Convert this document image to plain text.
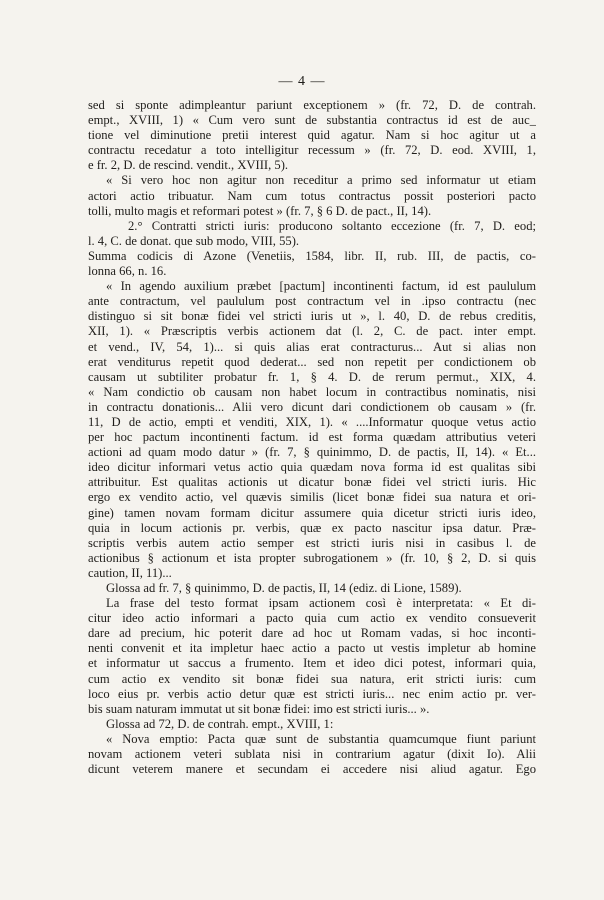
— 4 —
sed si sponte adimpleantur pariunt exceptionem » (fr. 72, D. de contrah.
empt., XVIII, 1) « Cum vero sunt de substantia contractus id est de auc_
tione vel diminutione pretii interest quid agatur. Nam si hoc agitur ut a
contractu recedatur a toto intelligitur recessum » (fr. 72, D. eod. XVIII, 1,
e fr. 2, D. de rescind. vendit., XVIII, 5).
« Si vero hoc non agitur non receditur a primo sed informatur ut etiam
actori actio tribuatur. Nam cum totus contractus possit posteriori pacto
tolli, multo magis et reformari potest » (fr. 7, § 6 D. de pact., II, 14).
2.° Contratti stricti iuris: producono soltanto eccezione (fr. 7, D. eod;
l. 4, C. de donat. que sub modo, VIII, 55).
Summa codicis di Azone (Venetiis, 1584, libr. II, rub. III, de pactis, co-
lonna 66, n. 16.
« In agendo auxilium præbet [pactum] incontinenti factum, id est paululum
ante contractum, vel paululum post contractum vel in .ipso contractu (nec
distinguo si sit bonæ fidei vel stricti iuris ut », l. 40, D. de rebus creditis,
XII, 1). « Præscriptis verbis actionem dat (l. 2, C. de pact. inter empt.
et vend., IV, 54, 1)... si quis alias erat contracturus... Aut si alias non
erat venditurus repetit quod dederat... sed non repetit per condictionem ob
causam ut subtiliter probatur fr. 1, § 4. D. de rerum permut., XIX, 4.
« Nam condictio ob causam non habet locum in contractibus nominatis, nisi
in contractu donationis... Alii vero dicunt dari condictionem ob causam » (fr.
11, D de actio, empti et venditi, XIX, 1). « ....Informatur quoque vetus actio
per hoc pactum incontinenti factum. id est forma quædam attributius veteri
actioni ad quam modo datur » (fr. 7, § quinimmo, D. de pactis, II, 14). « Et...
ideo dicitur informari vetus actio quia quædam nova forma id est qualitas sibi
attribuitur. Est qualitas actionis ut dicatur bonæ fidei vel stricti iuris. Hic
ergo ex vendito actio, vel quævis similis (licet bonæ fidei sua natura et ori-
gine) tamen novam formam dicitur assumere quia dicetur stricti iuris ideo,
quia in locum actionis pr. verbis, quæ ex pacto nascitur ipsa datur. Præ-
scriptis verbis autem actio semper est stricti iuris nisi in casibus l. de
actionibus § actionum et ista propter subrogationem » (fr. 10, § 2, D. si quis
caution, II, 11)...
Glossa ad fr. 7, § quinimmo, D. de pactis, II, 14 (ediz. di Lione, 1589).
La frase del testo format ipsam actionem così è interpretata: « Et di-
citur ideo actio informari a pacto quia cum actio ex vendito consueverit
dare ad precium, hic poterit dare ad hoc ut Romam vadas, si hoc inconti-
nenti convenit et ita impletur haec actio a pacto ut vestis impletur ab homine
et informatur ut saccus a frumento. Item et ideo dici potest, informari quia,
cum actio ex vendito sit bonæ fidei sua natura, erit stricti iuris: cum
loco eius pr. verbis actio detur quæ est stricti iuris... nec enim actio pr. ver-
bis suam naturam immutat ut sit bonæ fidei: imo est stricti iuris... ».
Glossa ad 72, D. de contrah. empt., XVIII, 1:
« Nova emptio: Pacta quæ sunt de substantia quamcumque fiunt pariunt
novam actionem veteri sublata nisi in contrarium agatur (dixit Io). Alii
dicunt veterem manere et secundam ei accedere nisi aliud agatur. Ego
